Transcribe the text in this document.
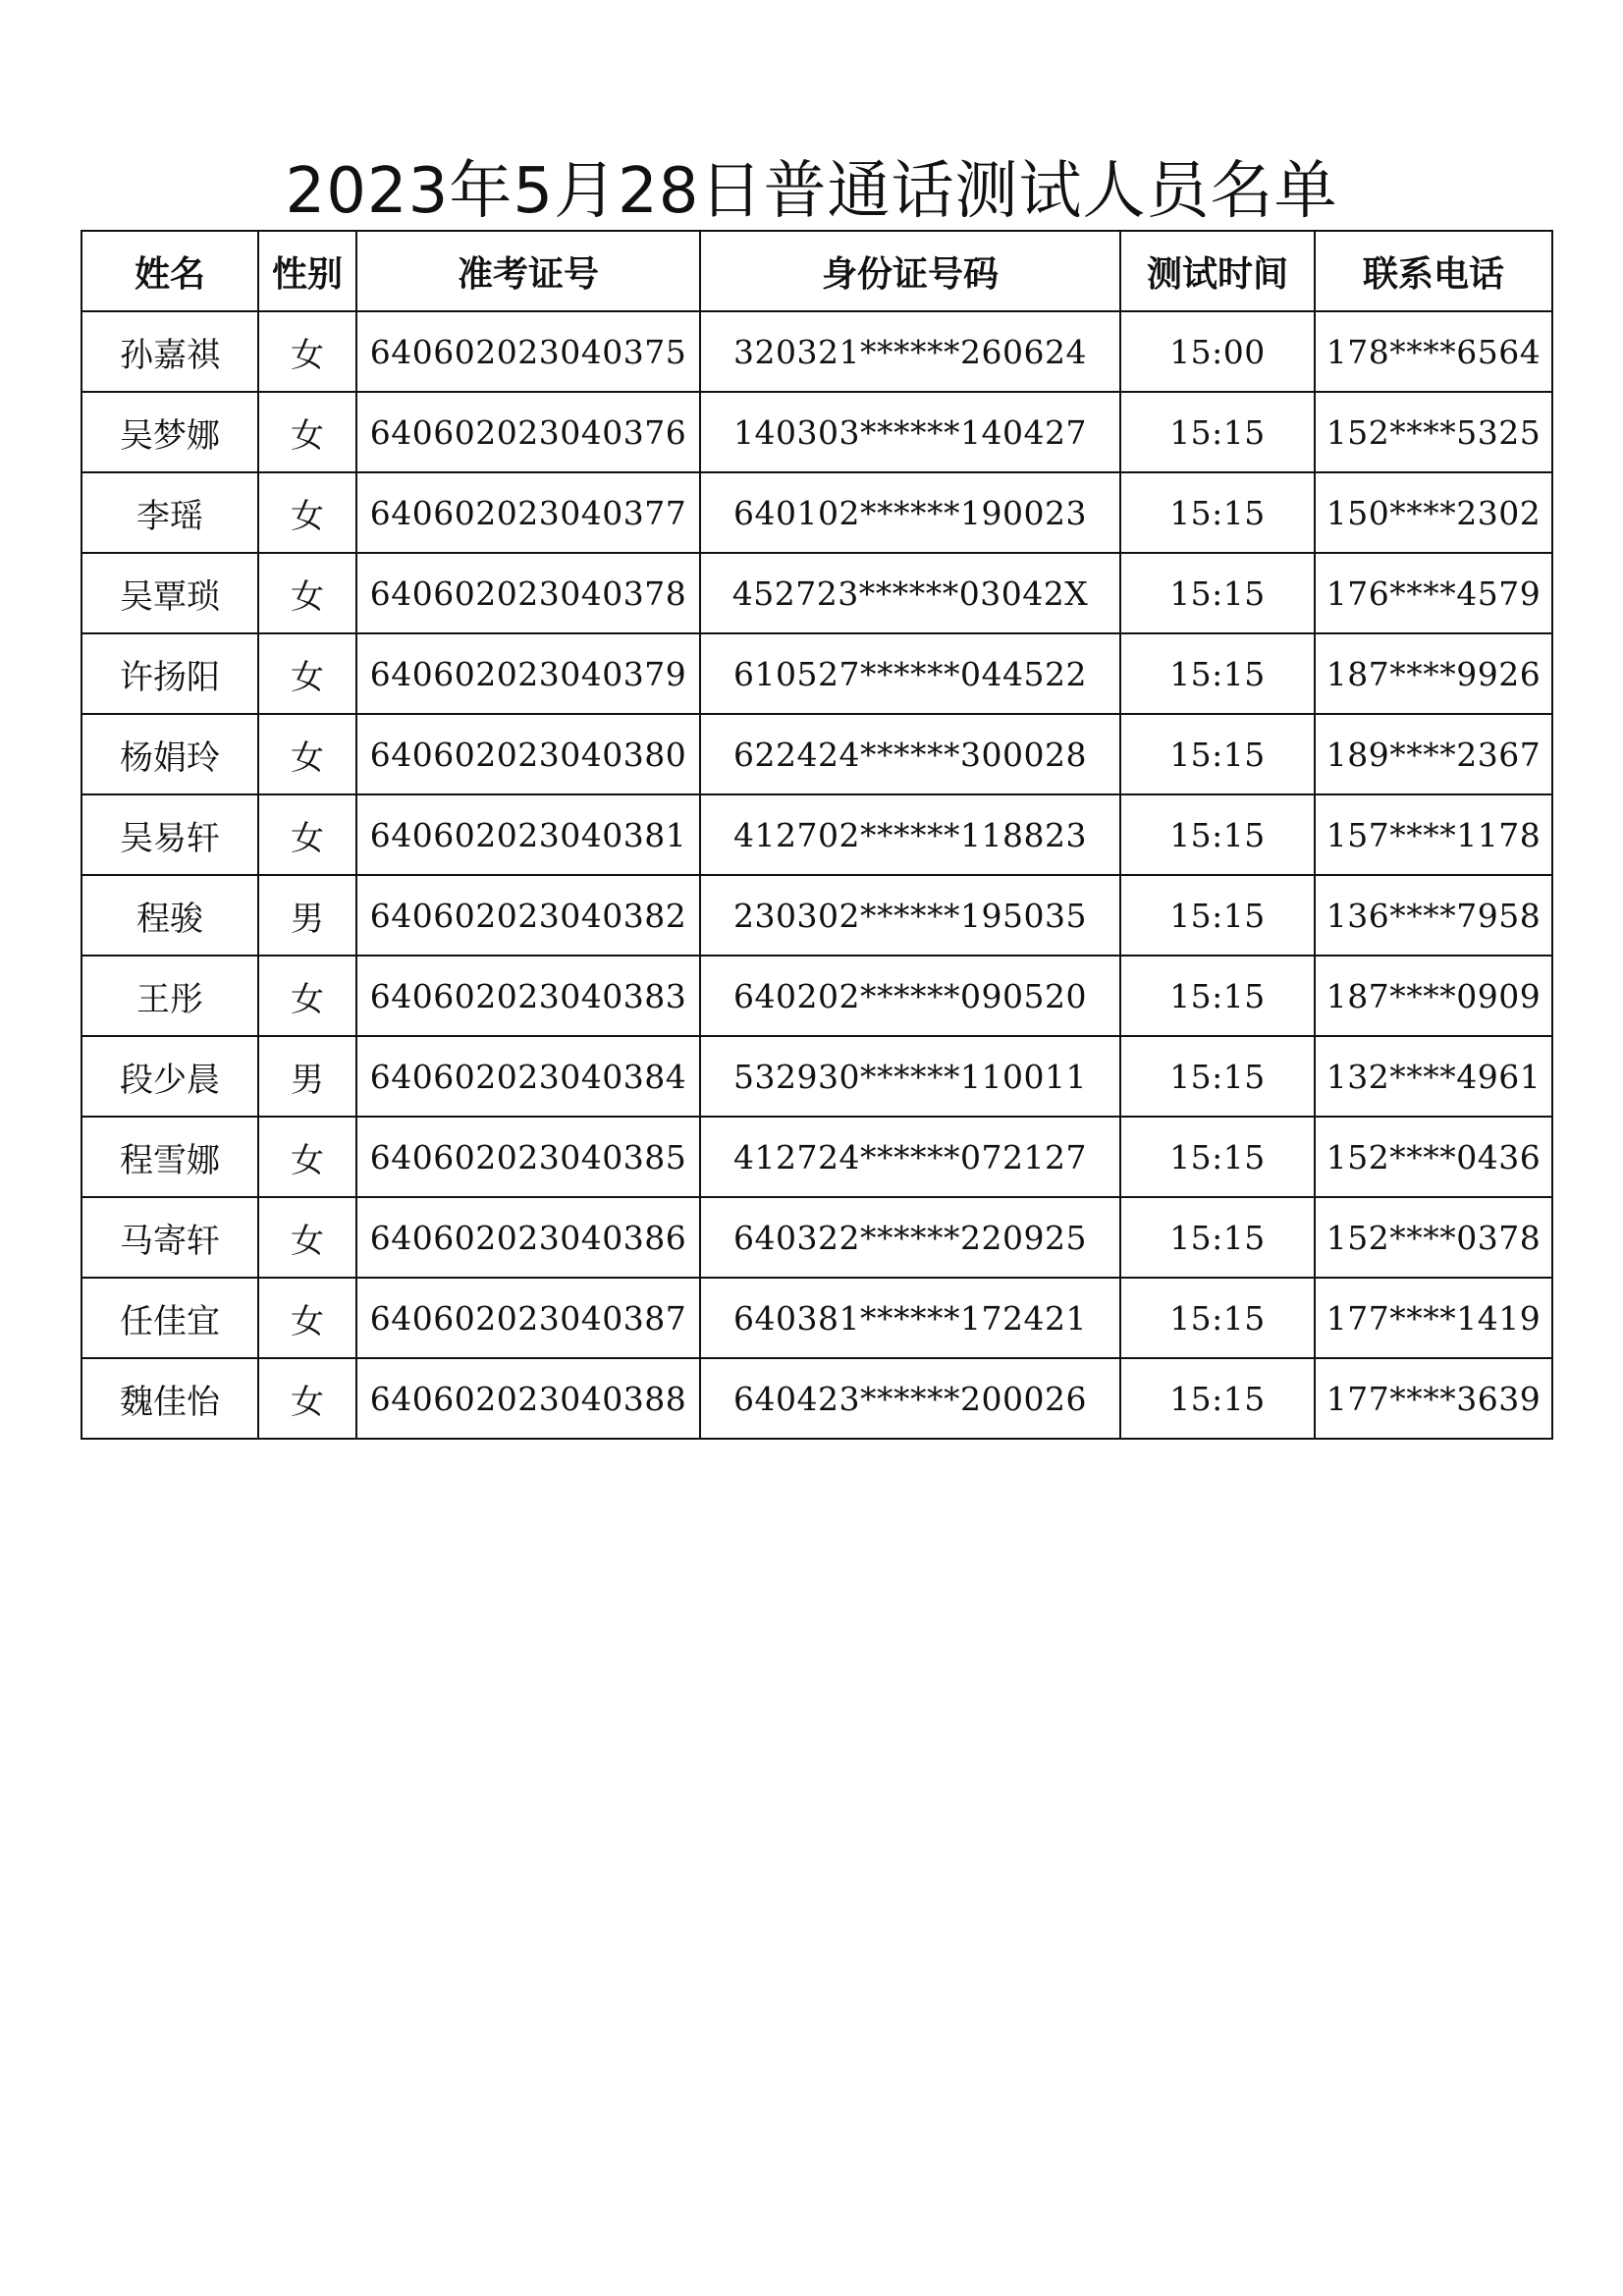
2023年5月28日普通话测试人员名单
姓名	性别	准考证号	身份证号码	测试时间	联系电话
孙嘉祺	女	640602023040375	320321******260624	15:00	178****6564
吴梦娜	女	640602023040376	140303******140427	15:15	152****5325
李瑶	女	640602023040377	640102******190023	15:15	150****2302
吴覃琐	女	640602023040378	452723******03042X	15:15	176****4579
许扬阳	女	640602023040379	610527******044522	15:15	187****9926
杨娟玲	女	640602023040380	622424******300028	15:15	189****2367
吴易轩	女	640602023040381	412702******118823	15:15	157****1178
程骏	男	640602023040382	230302******195035	15:15	136****7958
王彤	女	640602023040383	640202******090520	15:15	187****0909
段少晨	男	640602023040384	532930******110011	15:15	132****4961
程雪娜	女	640602023040385	412724******072127	15:15	152****0436
马寄轩	女	640602023040386	640322******220925	15:15	152****0378
任佳宜	女	640602023040387	640381******172421	15:15	177****1419
魏佳怡	女	640602023040388	640423******200026	15:15	177****3639
